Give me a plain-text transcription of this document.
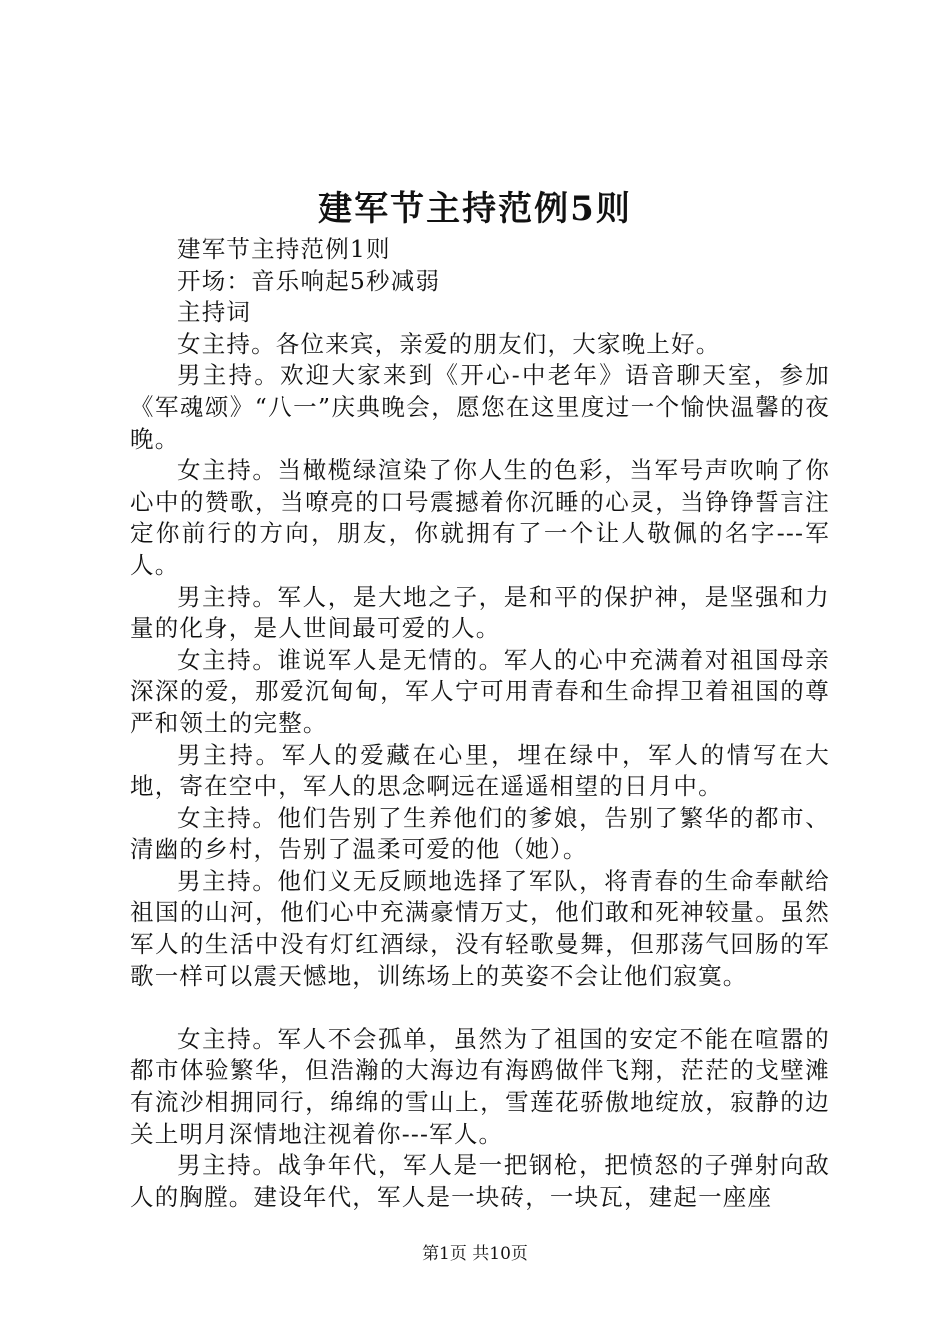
建军节主持范例5则

建军节主持范例1则

开场：音乐响起5秒减弱

主持词

女主持。各位来宾，亲爱的朋友们，大家晚上好。

男主持。欢迎大家来到《开心-中老年》语音聊天室，参加《军魂颂》“八一”庆典晚会，愿您在这里度过一个愉快温馨的夜晚。

女主持。当橄榄绿渲染了你人生的色彩，当军号声吹响了你心中的赞歌，当嘹亮的口号震撼着你沉睡的心灵，当铮铮誓言注定你前行的方向，朋友，你就拥有了一个让人敬佩的名字---军人。

男主持。军人，是大地之子，是和平的保护神，是坚强和力量的化身，是人世间最可爱的人。

女主持。谁说军人是无情的。军人的心中充满着对祖国母亲深深的爱，那爱沉甸甸，军人宁可用青春和生命捍卫着祖国的尊严和领土的完整。

男主持。军人的爱藏在心里，埋在绿中，军人的情写在大地，寄在空中，军人的思念啊远在遥遥相望的日月中。

女主持。他们告别了生养他们的爹娘，告别了繁华的都市、清幽的乡村，告别了温柔可爱的他（她）。

男主持。他们义无反顾地选择了军队，将青春的生命奉献给祖国的山河，他们心中充满豪情万丈，他们敢和死神较量。虽然军人的生活中没有灯红酒绿，没有轻歌曼舞，但那荡气回肠的军歌一样可以震天憾地，训练场上的英姿不会让他们寂寞。

女主持。军人不会孤单，虽然为了祖国的安定不能在喧嚣的都市体验繁华，但浩瀚的大海边有海鸥做伴飞翔，茫茫的戈壁滩有流沙相拥同行，绵绵的雪山上，雪莲花骄傲地绽放，寂静的边关上明月深情地注视着你---军人。

男主持。战争年代，军人是一把钢枪，把愤怒的子弹射向敌人的胸膛。建设年代，军人是一块砖，一块瓦，建起一座座

第1页 共10页
